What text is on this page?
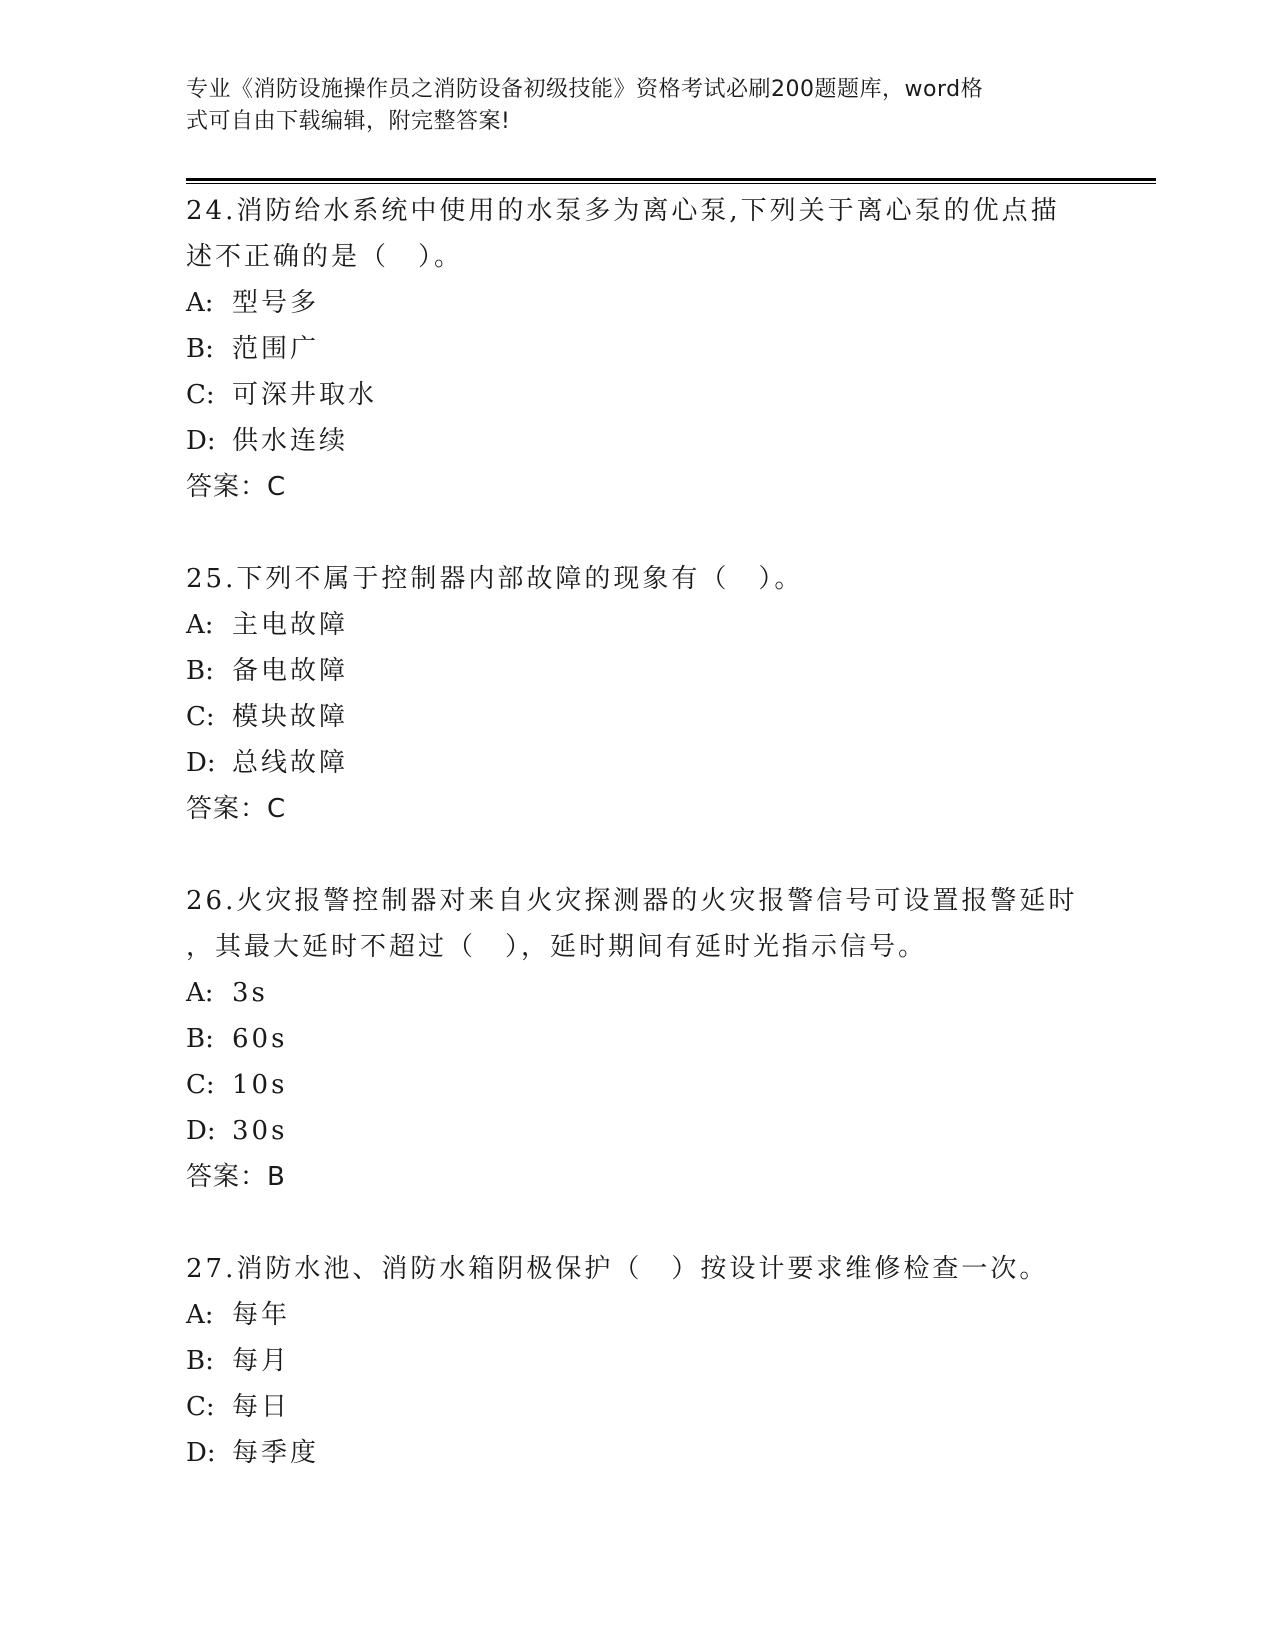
专业《消防设施操作员之消防设备初级技能》资格考试必刷200题题库，word格
式可自由下载编辑，附完整答案!
24.消防给水系统中使用的水泵多为离心泵,下列关于离心泵的优点描
述不正确的是（　）。
A: 型号多
B: 范围广
C: 可深井取水
D: 供水连续
答案：C
25.下列不属于控制器内部故障的现象有（　）。
A: 主电故障
B: 备电故障
C: 模块故障
D: 总线故障
答案：C
26.火灾报警控制器对来自火灾探测器的火灾报警信号可设置报警延时
，其最大延时不超过（　），延时期间有延时光指示信号。
A: 3s
B: 60s
C: 10s
D: 30s
答案：B
27.消防水池、消防水箱阴极保护（　）按设计要求维修检查一次。
A: 每年
B: 每月
C: 每日
D: 每季度
